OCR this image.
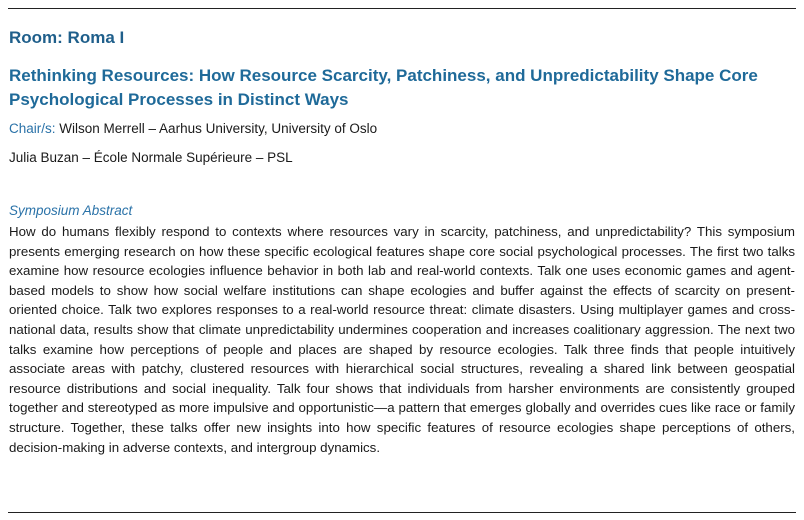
Room: Roma I
Rethinking Resources: How Resource Scarcity, Patchiness, and Unpredictability Shape Core Psychological Processes in Distinct Ways
Chair/s: Wilson Merrell – Aarhus University, University of Oslo
Julia Buzan – École Normale Supérieure – PSL
Symposium Abstract
How do humans flexibly respond to contexts where resources vary in scarcity, patchiness, and unpredictability? This symposium presents emerging research on how these specific ecological features shape core social psychological processes. The first two talks examine how resource ecologies influence behavior in both lab and real-world contexts. Talk one uses economic games and agent-based models to show how social welfare institutions can shape ecologies and buffer against the effects of scarcity on present-oriented choice. Talk two explores responses to a real-world resource threat: climate disasters. Using multiplayer games and cross-national data, results show that climate unpredictability undermines cooperation and increases coalitionary aggression. The next two talks examine how perceptions of people and places are shaped by resource ecologies. Talk three finds that people intuitively associate areas with patchy, clustered resources with hierarchical social structures, revealing a shared link between geospatial resource distributions and social inequality. Talk four shows that individuals from harsher environments are consistently grouped together and stereotyped as more impulsive and opportunistic—a pattern that emerges globally and overrides cues like race or family structure. Together, these talks offer new insights into how specific features of resource ecologies shape perceptions of others, decision-making in adverse contexts, and intergroup dynamics.
